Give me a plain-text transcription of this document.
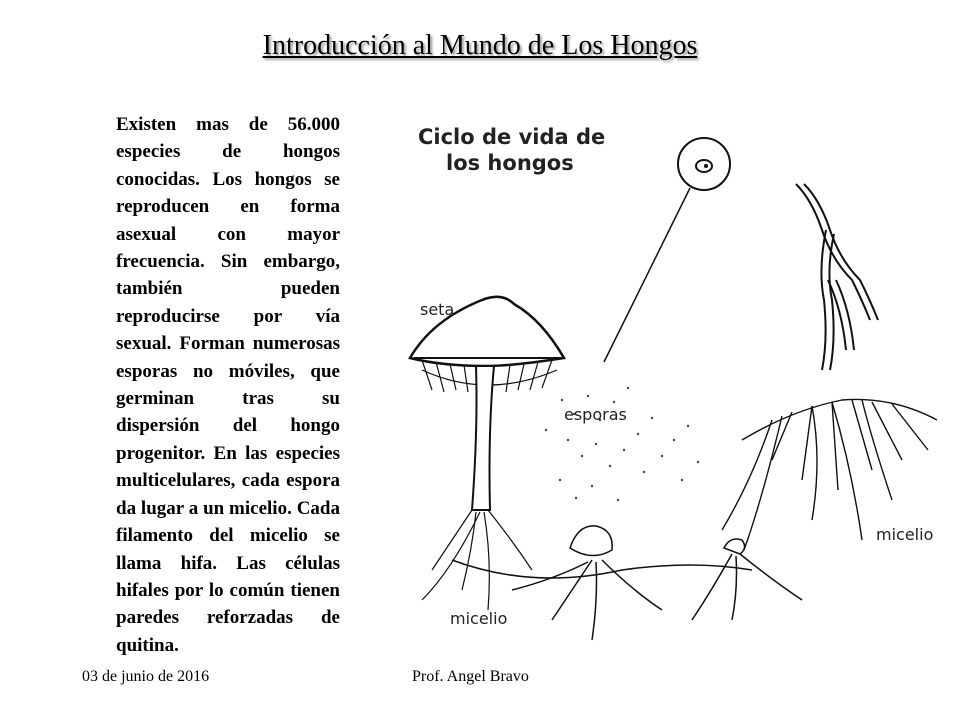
Introducción al Mundo de Los Hongos
Existen mas de 56.000 especies de hongos conocidas. Los hongos se reproducen en forma asexual con mayor frecuencia. Sin embargo, también pueden reproducirse por vía sexual. Forman numerosas esporas no móviles, que germinan tras su dispersión del hongo progenitor. En las especies multicelulares, cada espora da lugar a un micelio. Cada filamento del micelio se llama hifa. Las células hifales por lo común tienen paredes reforzadas de quitina.
Ciclo de vida de
los hongos
seta
esporas
micelio
micelio
03 de junio de 2016	Prof. Angel Bravo
